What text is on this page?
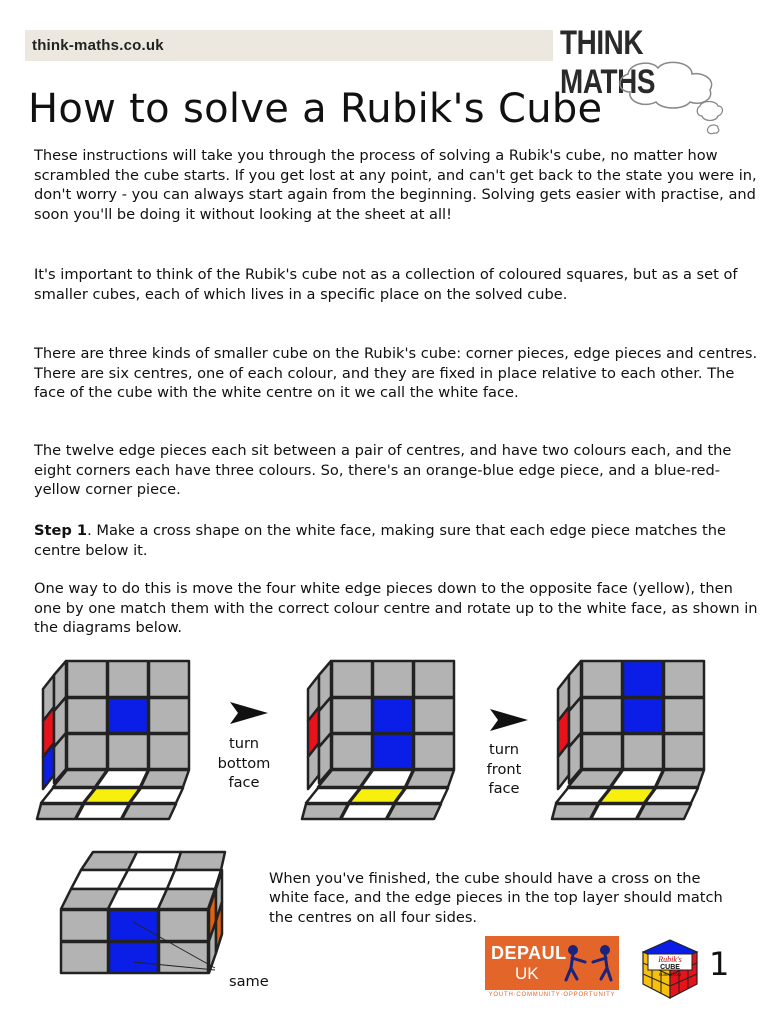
think-maths.co.uk	THINK MATHS
How to solve a Rubik's Cube

These instructions will take you through the process of solving a Rubik's cube, no matter how scrambled the cube starts. If you get lost at any point, and can't get back to the state you were in, don't worry - you can always start again from the beginning. Solving gets easier with practise, and soon you'll be doing it without looking at the sheet at all!

It's important to think of the Rubik's cube not as a collection of coloured squares, but as a set of smaller cubes, each of which lives in a specific place on the solved cube.

There are three kinds of smaller cube on the Rubik's cube: corner pieces, edge pieces and centres. There are six centres, one of each colour, and they are fixed in place relative to each other. The face of the cube with the white centre on it we call the white face.

The twelve edge pieces each sit between a pair of centres, and have two colours each, and the eight corners each have three colours. So, there's an orange-blue edge piece, and a blue-red-yellow corner piece.

Step 1. Make a cross shape on the white face, making sure that each edge piece matches the centre below it.

One way to do this is move the four white edge pieces down to the opposite face (yellow), then one by one match them with the correct colour centre and rotate up to the white face, as shown in the diagrams below.

turn
bottom
face
turn
front
face

When you've finished, the cube should have a cross on the white face, and the edge pieces in the top layer should match the centres on all four sides.

same
DEPAUL
UK
YOUTH·COMMUNITY·OPPORTUNITY
Rubik's
CUBE
RUBIKS.COM 1
